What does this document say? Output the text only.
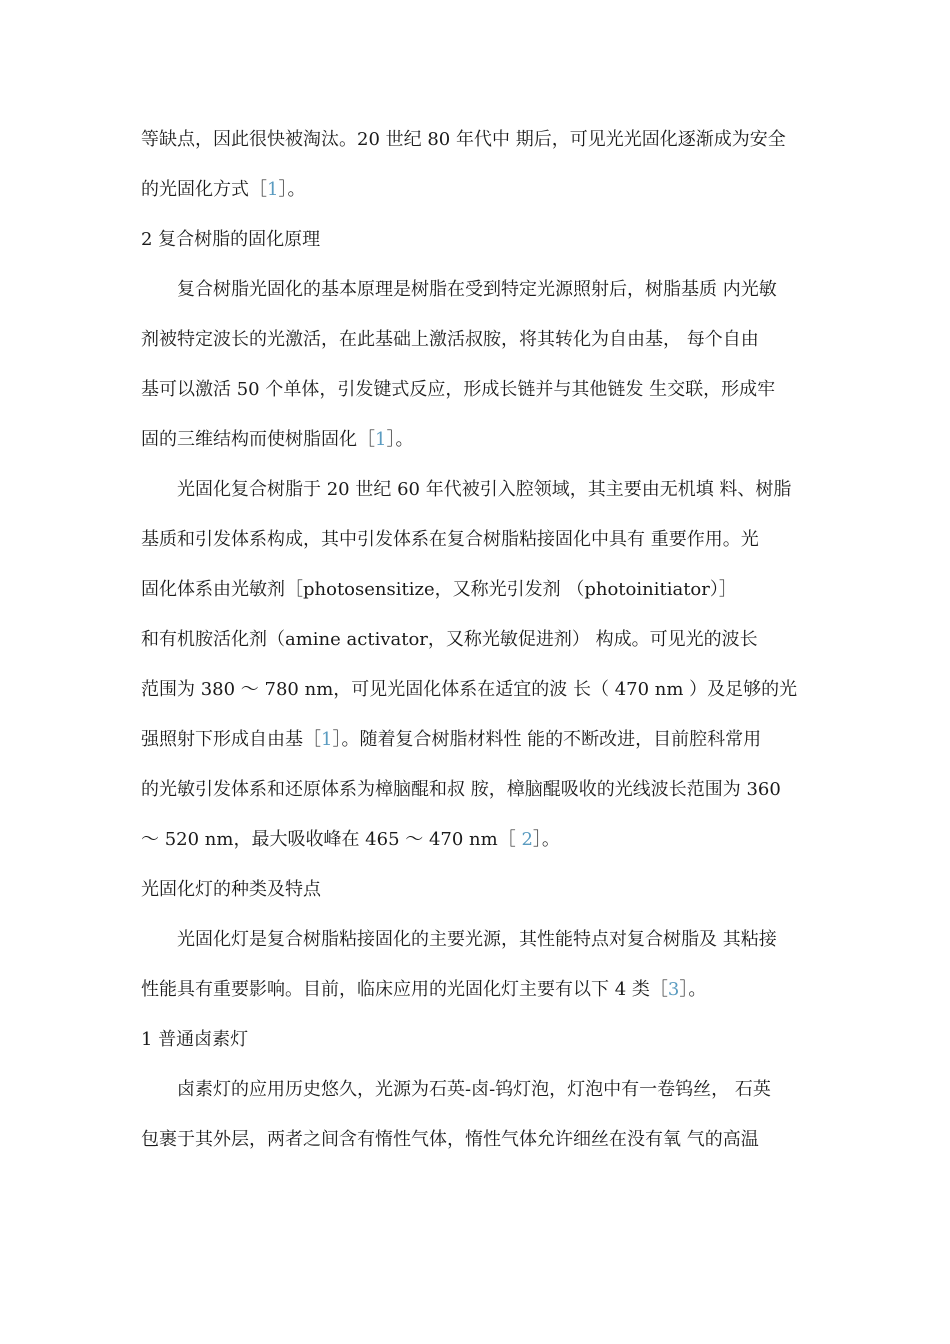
等缺点，因此很快被淘汰。20 世纪 80 年代中 期后，可见光光固化逐渐成为安全
的光固化方式［1］。
2 复合树脂的固化原理
复合树脂光固化的基本原理是树脂在受到特定光源照射后，树脂基质 内光敏
剂被特定波长的光激活，在此基础上激活叔胺，将其转化为自由基， 每个自由
基可以激活 50 个单体，引发键式反应，形成长链并与其他链发 生交联，形成牢
固的三维结构而使树脂固化［1］。
光固化复合树脂于 20 世纪 60 年代被引入腔领域，其主要由无机填 料、树脂
基质和引发体系构成，其中引发体系在复合树脂粘接固化中具有 重要作用。光
固化体系由光敏剂［photosensitize，又称光引发剂 （photoinitiator）］
和有机胺活化剂（amine activator，又称光敏促进剂） 构成。可见光的波长
范围为 380 ～ 780 nm，可见光固化体系在适宜的波 长（ 470 nm ）及足够的光
强照射下形成自由基［1］。随着复合树脂材料性 能的不断改进，目前腔科常用
的光敏引发体系和还原体系为樟脑醌和叔 胺，樟脑醌吸收的光线波长范围为 360
～ 520 nm，最大吸收峰在 465 ～ 470 nm［ 2］。
光固化灯的种类及特点
光固化灯是复合树脂粘接固化的主要光源，其性能特点对复合树脂及 其粘接
性能具有重要影响。目前，临床应用的光固化灯主要有以下 4 类［3］。
1 普通卤素灯
卤素灯的应用历史悠久，光源为石英-卤-钨灯泡，灯泡中有一卷钨丝， 石英
包裹于其外层，两者之间含有惰性气体，惰性气体允许细丝在没有氧 气的高温
